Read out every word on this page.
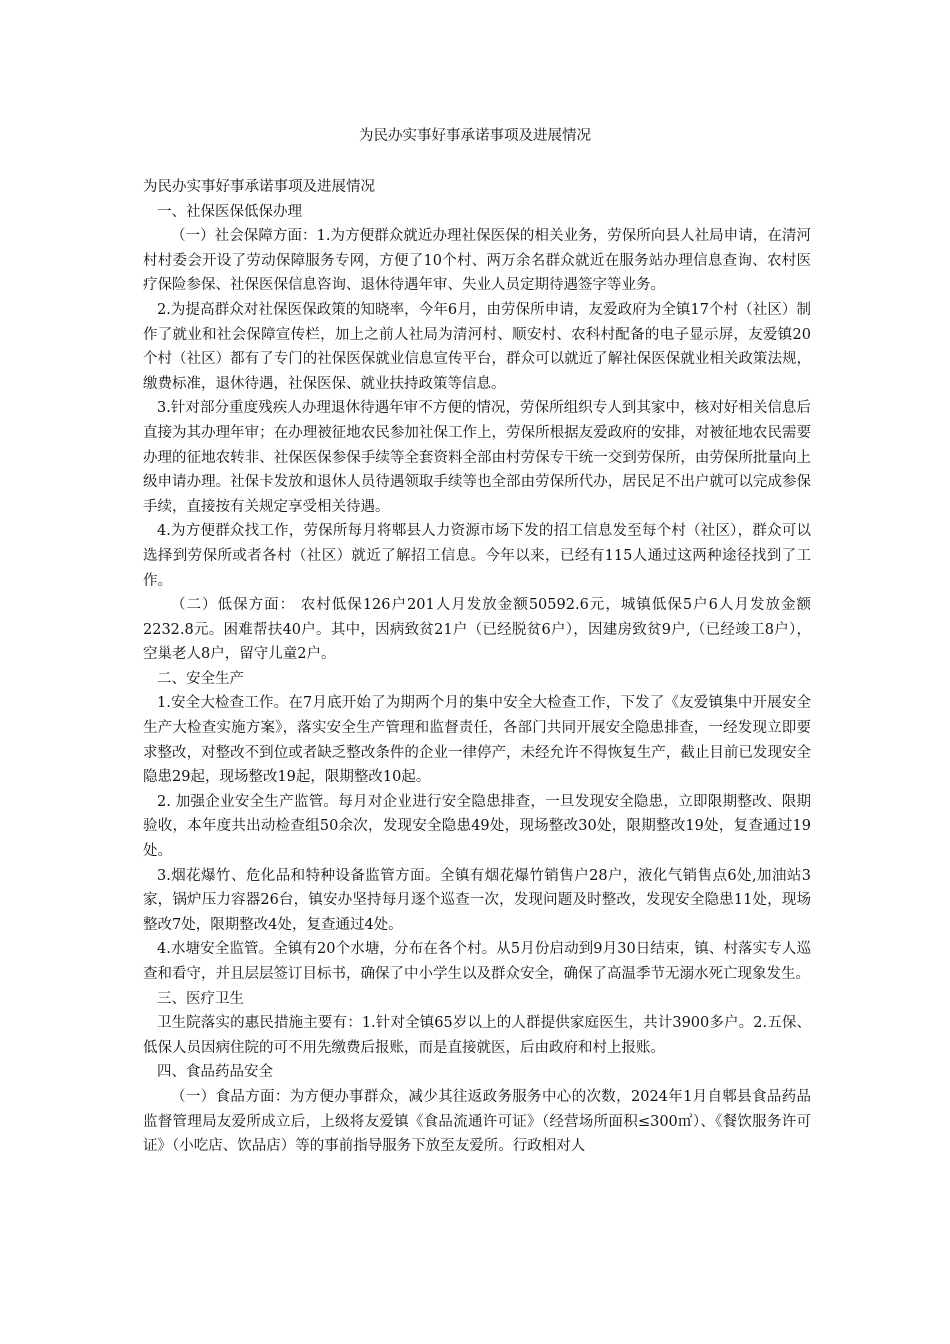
为民办实事好事承诺事项及进展情况

为民办实事好事承诺事项及进展情况

一、社保医保低保办理

（一）社会保障方面：1.为方便群众就近办理社保医保的相关业务，劳保所向县人社局申请，在清河村村委会开设了劳动保障服务专网，方便了10个村、两万余名群众就近在服务站办理信息查询、农村医疗保险参保、社保医保信息咨询、退休待遇年审、失业人员定期待遇签字等业务。

2.为提高群众对社保医保政策的知晓率，今年6月，由劳保所申请，友爱政府为全镇17个村（社区）制作了就业和社会保障宣传栏，加上之前人社局为清河村、顺安村、农科村配备的电子显示屏，友爱镇20个村（社区）都有了专门的社保医保就业信息宣传平台，群众可以就近了解社保医保就业相关政策法规，缴费标准，退休待遇，社保医保、就业扶持政策等信息。

3.针对部分重度残疾人办理退休待遇年审不方便的情况，劳保所组织专人到其家中，核对好相关信息后直接为其办理年审；在办理被征地农民参加社保工作上，劳保所根据友爱政府的安排，对被征地农民需要办理的征地农转非、社保医保参保手续等全套资料全部由村劳保专干统一交到劳保所，由劳保所批量向上级申请办理。社保卡发放和退休人员待遇领取手续等也全部由劳保所代办，居民足不出户就可以完成参保手续，直接按有关规定享受相关待遇。

4.为方便群众找工作，劳保所每月将郫县人力资源市场下发的招工信息发至每个村（社区），群众可以选择到劳保所或者各村（社区）就近了解招工信息。今年以来，已经有115人通过这两种途径找到了工作。

（二）低保方面： 农村低保126户201人月发放金额50592.6元，城镇低保5户6人月发放金额2232.8元。困难帮扶40户。其中，因病致贫21户（已经脱贫6户），因建房致贫9户,（已经竣工8户），空巢老人8户，留守儿童2户。

二、安全生产

1.安全大检查工作。在7月底开始了为期两个月的集中安全大检查工作，下发了《友爱镇集中开展安全生产大检查实施方案》，落实安全生产管理和监督责任，各部门共同开展安全隐患排查，一经发现立即要求整改，对整改不到位或者缺乏整改条件的企业一律停产，未经允许不得恢复生产，截止目前已发现安全隐患29起，现场整改19起，限期整改10起。

2. 加强企业安全生产监管。每月对企业进行安全隐患排查，一旦发现安全隐患，立即限期整改、限期验收，本年度共出动检查组50余次，发现安全隐患49处，现场整改30处，限期整改19处，复查通过19处。

3.烟花爆竹、危化品和特种设备监管方面。全镇有烟花爆竹销售户28户，液化气销售点6处,加油站3家，锅炉压力容器26台，镇安办坚持每月逐个巡查一次，发现问题及时整改，发现安全隐患11处，现场整改7处，限期整改4处，复查通过4处。

4.水塘安全监管。全镇有20个水塘，分布在各个村。从5月份启动到9月30日结束，镇、村落实专人巡查和看守，并且层层签订目标书，确保了中小学生以及群众安全，确保了高温季节无溺水死亡现象发生。

三、医疗卫生

卫生院落实的惠民措施主要有：1.针对全镇65岁以上的人群提供家庭医生，共计3900多户。2.五保、低保人员因病住院的可不用先缴费后报账，而是直接就医，后由政府和村上报账。

四、食品药品安全

（一）食品方面：为方便办事群众，减少其往返政务服务中心的次数，2024年1月自郫县食品药品监督管理局友爱所成立后，上级将友爱镇《食品流通许可证》（经营场所面积≤300㎡）、《餐饮服务许可证》（小吃店、饮品店）等的事前指导服务下放至友爱所。行政相对人
